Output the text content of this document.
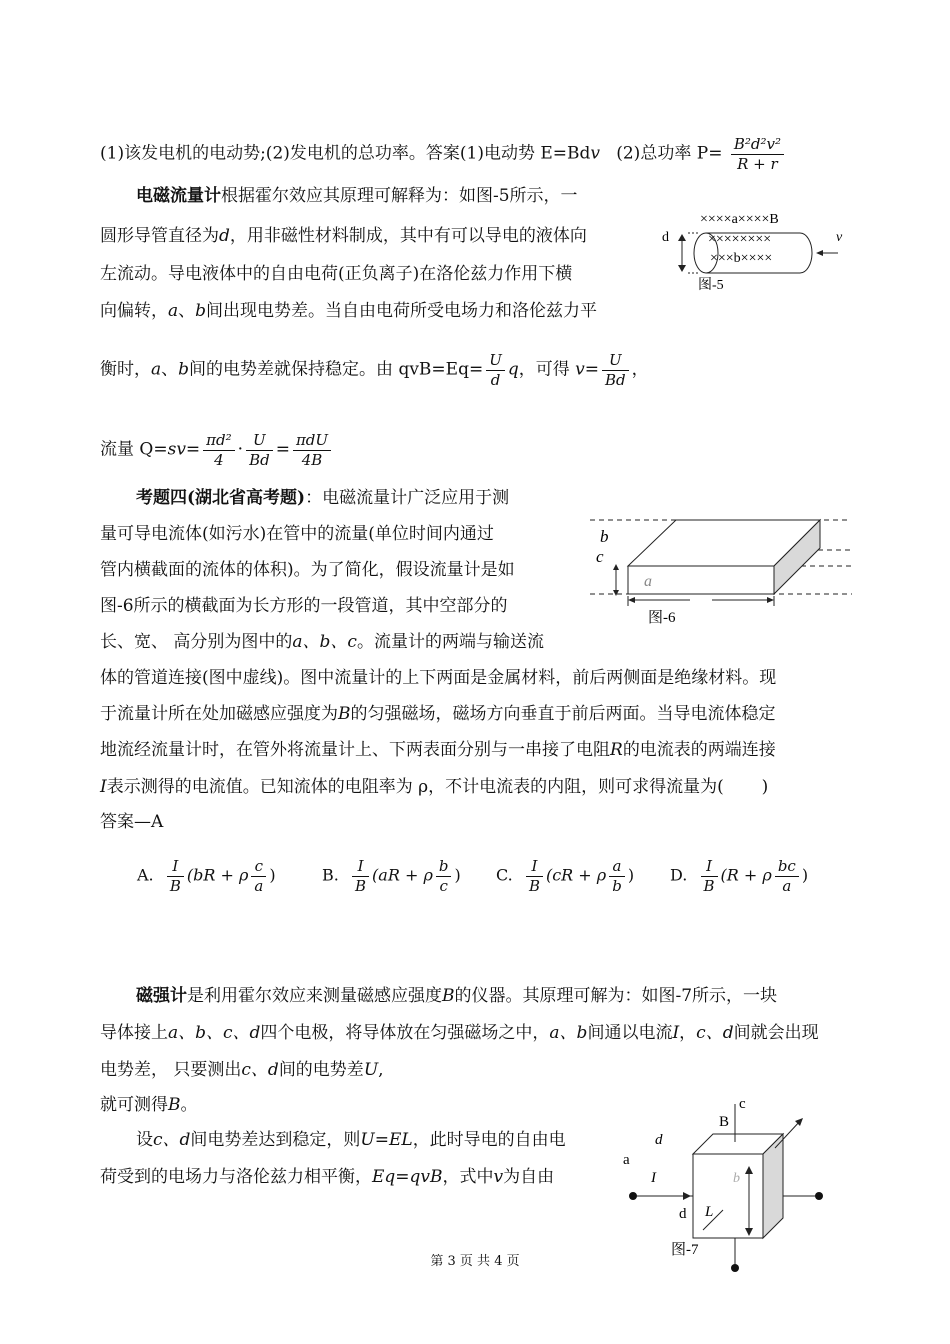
(1)该发电机的电动势;(2)发电机的总功率。答案(1)电动势 E=Bdv (2)总功率 $P= \frac{\text{B²d²v²}}{R + r}$
电磁流量计根据霍尔效应其原理可解释为：如图-5所示，一
圆形导管直径为d，用非磁性材料制成，其中有可以导电的液体向
左流动。导电液体中的自由电荷(正负离子)在洛伦兹力作用下横
向偏转，a、b间出现电势差。当自由电荷所受电场力和洛伦兹力平
衡时，a、b间的电势差就保持稳定。由 $qvB=Eq= \frac{U}{d}$ q，可得 $v= \frac{U}{Bd}$ ，
流量 $Q=sv= \frac{\text{πd²}}{4} \cdot \frac{U}{Bd} = \frac{\text{πdU}}{4B}$
××××a××××B
××××××××
×××b××××
d	v
图-5
考题四(湖北省高考题)：电磁流量计广泛应用于测
量可导电流体(如污水)在管中的流量(单位时间内通过
管内横截面的流体的体积)。为了简化，假设流量计是如
图-6所示的横截面为长方形的一段管道，其中空部分的
长、宽、 高分别为图中的a、b、c。流量计的两端与输送流
体的管道连接(图中虚线)。图中流量计的上下两面是金属材料，前后两侧面是绝缘材料。现
于流量计所在处加磁感应强度为B的匀强磁场，磁场方向垂直于前后两面。当导电流体稳定
地流经流量计时，在管外将流量计上、下两表面分别与一串接了电阻R的电流表的两端连接
I表示测得的电流值。已知流体的电阻率为 ρ，不计电流表的内阻，则可求得流量为( )
答案—A
A. $\frac{I}{B} (bR + \rho \frac{c}{a}$ )	B. $\frac{I}{B} (aR + \rho \frac{b}{c}$ ) C. $\frac{I}{B} (cR + \rho \frac{a}{b}$ ) D. $\frac{I}{B} (R + \rho \frac{bc}{a}$ )
b
c
a
图-6
磁强计是利用霍尔效应来测量磁感应强度B的仪器。其原理可解为：如图-7所示，一块
导体接上a、b、c、d四个电极，将导体放在匀强磁场之中，a、b间通以电流I，c、d间就会出现
电势差， 只要测出c、d间的电势差U,
就可测得B。
设c、d间电势差达到稳定，则U=EL，此时导电的自由电
荷受到的电场力与洛伦兹力相平衡，Eq=qvB，式中v为自由
c
B
d
a
I	b
d L
图-7
第 3 页 共 4 页
